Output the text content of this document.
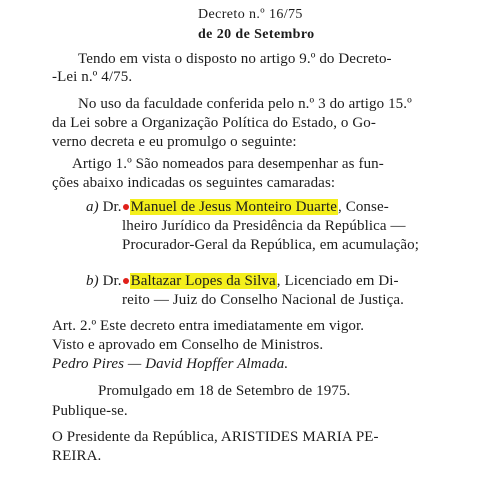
Decreto n.º 16/75
de 20 de Setembro
Tendo em vista o disposto no artigo 9.º do Decreto-
-Lei n.º 4/75.
No uso da faculdade conferida pelo n.º 3 do artigo 15.º
da Lei sobre a Organização Política do Estado, o Go-
verno decreta e eu promulgo o seguinte:
Artigo 1.º São nomeados para desempenhar as fun-
ções abaixo indicadas os seguintes camaradas:
a) Dr. Manuel de Jesus Monteiro Duarte, Conse-
lheiro Jurídico da Presidência da República —
Procurador-Geral da República, em acumulação;
b) Dr. Baltazar Lopes da Silva, Licenciado em Di-
reito — Juiz do Conselho Nacional de Justiça.
Art. 2.º Este decreto entra imediatamente em vigor.
Visto e aprovado em Conselho de Ministros.
Pedro Pires — David Hopffer Almada.
Promulgado em 18 de Setembro de 1975.
Publique-se.
O Presidente da República, ARISTIDES MARIA PE-
REIRA.
